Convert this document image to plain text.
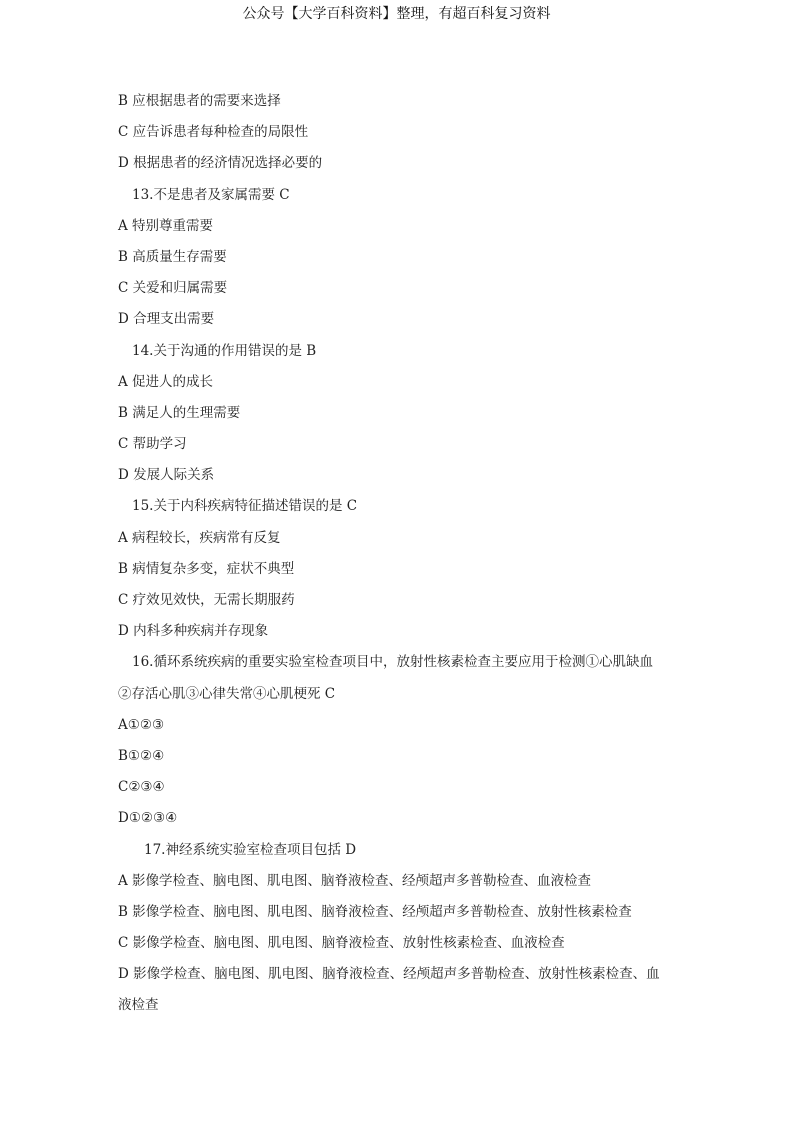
公众号【大学百科资料】整理，有超百科复习资料
B 应根据患者的需要来选择
C 应告诉患者每种检查的局限性
D 根据患者的经济情况选择必要的
13.不是患者及家属需要 C
A 特别尊重需要
B 高质量生存需要
C 关爱和归属需要
D 合理支出需要
14.关于沟通的作用错误的是 B
A 促进人的成长
B 满足人的生理需要
C 帮助学习
D 发展人际关系
15.关于内科疾病特征描述错误的是 C
A 病程较长，疾病常有反复
B 病情复杂多变，症状不典型
C 疗效见效快，无需长期服药
D 内科多种疾病并存现象
16.循环系统疾病的重要实验室检查项目中，放射性核素检查主要应用于检测①心肌缺血
②存活心肌③心律失常④心肌梗死 C
A①②③
B①②④
C②③④
D①②③④
17.神经系统实验室检查项目包括 D
A 影像学检查、脑电图、肌电图、脑脊液检查、经颅超声多普勒检查、血液检查
B 影像学检查、脑电图、肌电图、脑脊液检查、经颅超声多普勒检查、放射性核素检查
C 影像学检查、脑电图、肌电图、脑脊液检查、放射性核素检查、血液检查
D 影像学检查、脑电图、肌电图、脑脊液检查、经颅超声多普勒检查、放射性核素检查、血
液检查
